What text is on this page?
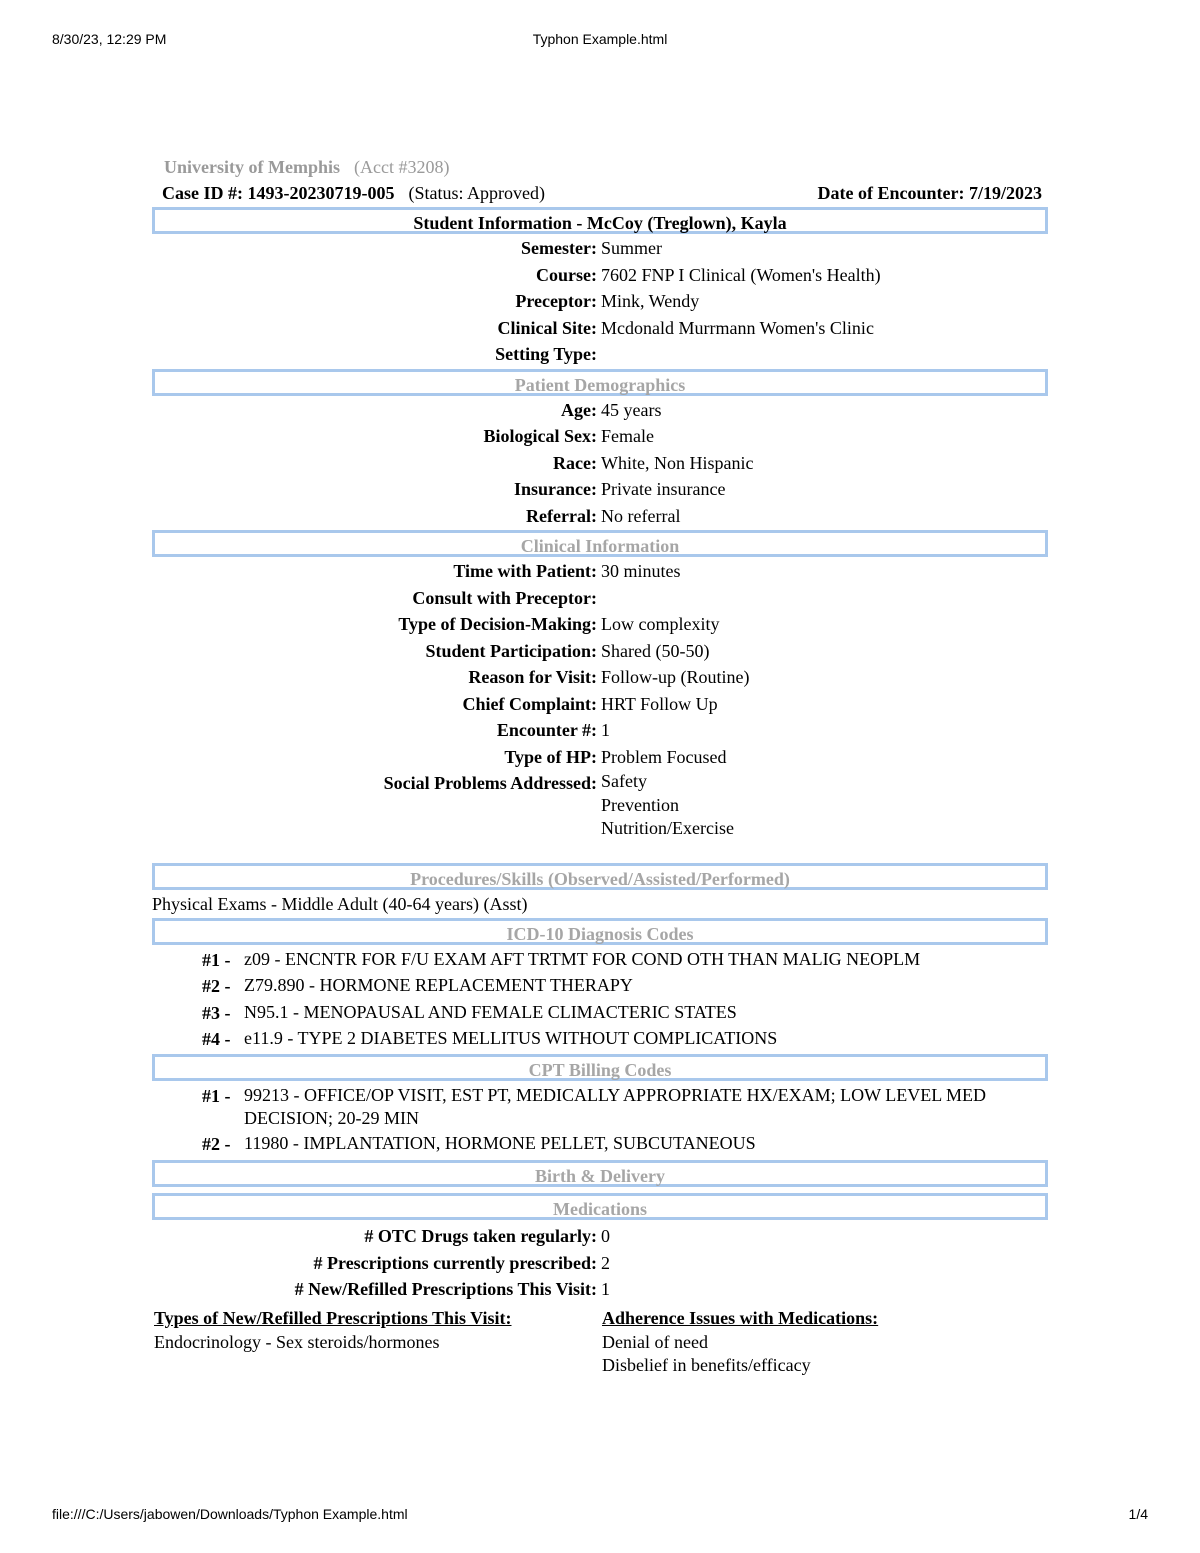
8/30/23, 12:29 PM	Typhon Example.html
University of Memphis (Acct #3208)
Case ID #: 1493-20230719-005 (Status: Approved)	Date of Encounter: 7/19/2023
Student Information - McCoy (Treglown), Kayla
Semester: Summer
Course: 7602 FNP I Clinical (Women's Health)
Preceptor: Mink, Wendy
Clinical Site: Mcdonald Murrmann Women's Clinic
Setting Type:
Patient Demographics
Age: 45 years
Biological Sex: Female
Race: White, Non Hispanic
Insurance: Private insurance
Referral: No referral
Clinical Information
Time with Patient: 30 minutes
Consult with Preceptor:
Type of Decision-Making: Low complexity
Student Participation: Shared (50-50)
Reason for Visit: Follow-up (Routine)
Chief Complaint: HRT Follow Up
Encounter #: 1
Type of HP: Problem Focused
Social Problems Addressed: Safety
Prevention
Nutrition/Exercise
Procedures/Skills (Observed/Assisted/Performed)
Physical Exams - Middle Adult (40-64 years) (Asst)
ICD-10 Diagnosis Codes
#1 - z09 - ENCNTR FOR F/U EXAM AFT TRTMT FOR COND OTH THAN MALIG NEOPLM
#2 - Z79.890 - HORMONE REPLACEMENT THERAPY
#3 - N95.1 - MENOPAUSAL AND FEMALE CLIMACTERIC STATES
#4 - e11.9 - TYPE 2 DIABETES MELLITUS WITHOUT COMPLICATIONS
CPT Billing Codes
#1 - 99213 - OFFICE/OP VISIT, EST PT, MEDICALLY APPROPRIATE HX/EXAM; LOW LEVEL MED DECISION; 20-29 MIN
#2 - 11980 - IMPLANTATION, HORMONE PELLET, SUBCUTANEOUS
Birth & Delivery
Medications
# OTC Drugs taken regularly: 0
# Prescriptions currently prescribed: 2
# New/Refilled Prescriptions This Visit: 1
Types of New/Refilled Prescriptions This Visit:
Endocrinology - Sex steroids/hormones
Adherence Issues with Medications:
Denial of need
Disbelief in benefits/efficacy
file:///C:/Users/jabowen/Downloads/Typhon Example.html	1/4
